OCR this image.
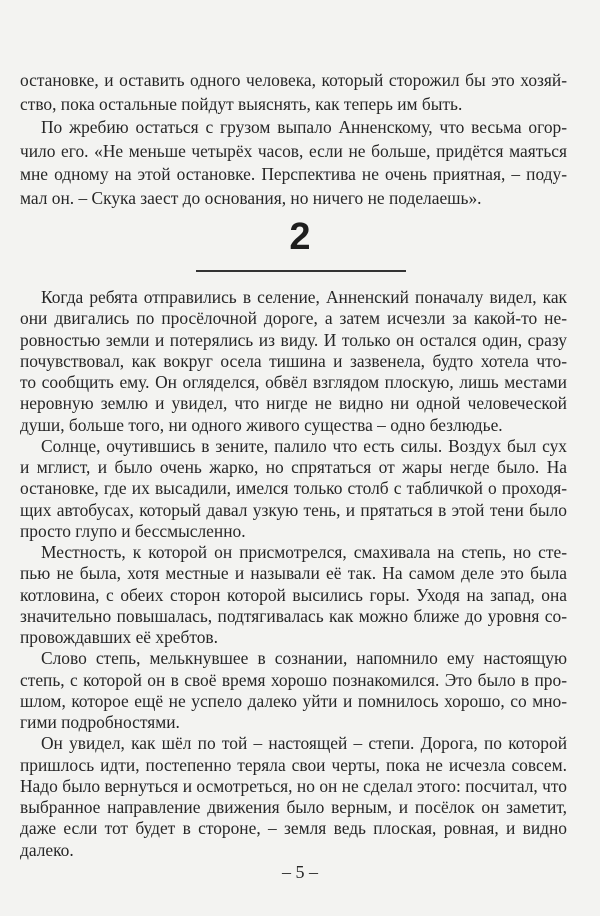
остановке, и оставить одного человека, который сторожил бы это хозяй-
ство, пока остальные пойдут выяснять, как теперь им быть.
По жребию остаться с грузом выпало Анненскому, что весьма огор-
чило его. «Не меньше четырёх часов, если не больше, придётся маяться
мне одному на этой остановке. Перспектива не очень приятная, – поду-
мал он. – Скука заест до основания, но ничего не поделаешь».
2
Когда ребята отправились в селение, Анненский поначалу видел, как
они двигались по просёлочной дороге, а затем исчезли за какой-то не-
ровностью земли и потерялись из виду. И только он остался один, сразу
почувствовал, как вокруг осела тишина и зазвенела, будто хотела что-
то сообщить ему. Он огляделся, обвёл взглядом плоскую, лишь местами
неровную землю и увидел, что нигде не видно ни одной человеческой
души, больше того, ни одного живого существа – одно безлюдье.
Солнце, очутившись в зените, палило что есть силы. Воздух был сух
и мглист, и было очень жарко, но спрятаться от жары негде было. На
остановке, где их высадили, имелся только столб с табличкой о проходя-
щих автобусах, который давал узкую тень, и прятаться в этой тени было
просто глупо и бессмысленно.
Местность, к которой он присмотрелся, смахивала на степь, но сте-
пью не была, хотя местные и называли её так. На самом деле это была
котловина, с обеих сторон которой высились горы. Уходя на запад, она
значительно повышалась, подтягивалась как можно ближе до уровня со-
провождавших её хребтов.
Слово степь, мелькнувшее в сознании, напомнило ему настоящую
степь, с которой он в своё время хорошо познакомился. Это было в про-
шлом, которое ещё не успело далеко уйти и помнилось хорошо, со мно-
гими подробностями.
Он увидел, как шёл по той – настоящей – степи. Дорога, по которой
пришлось идти, постепенно теряла свои черты, пока не исчезла совсем.
Надо было вернуться и осмотреться, но он не сделал этого: посчитал, что
выбранное направление движения было верным, и посёлок он заметит,
даже если тот будет в стороне, – земля ведь плоская, ровная, и видно
далеко.
– 5 –
